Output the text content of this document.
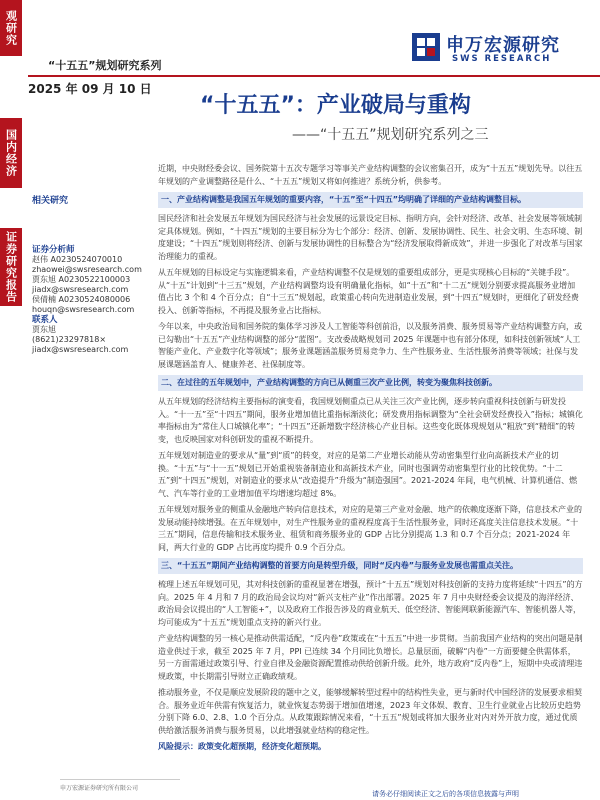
观研究
国内经济
证券研究报告
“十五五”规划研究系列
2025 年 09 月 10 日
申万宏源研究
SWS RESEARCH
“十五五”：产业破局与重构
——“十五五”规划研究系列之三
相关研究
证券分析师
赵伟 A0230524070010
zhaowei@swsresearch.com
贾东旭 A0230522100003
jiadx@swsresearch.com
侯倩楠 A0230524080006
houqn@swsresearch.com
联系人
贾东旭
(8621)23297818×
jiadx@swsresearch.com

近期，中央财经委会议、国务院第十五次专题学习等事关产业结构调整的会议密集召开，成为“十五五”规划先导。以往五年规划的产业调整路径是什么、“十五五”规划又将如何推进？系统分析，供参考。

一、产业结构调整是我国五年规划的重要内容，“十五”至“十四五”均明确了详细的产业结构调整目标。

国民经济和社会发展五年规划为国民经济与社会发展的远景设定目标、指明方向，会针对经济、改革、社会发展等领域制定具体规划。例如，“十四五”规划的主要目标分为七个部分：经济、创新、发展协调性、民生、社会文明、生态环境、制度建设；“十四五”规划则将经济、创新与发展协调性的目标整合为“经济发展取得新成效”，并进一步强化了对改革与国家治理能力的重视。

从五年规划的目标设定与实施逻辑来看，产业结构调整不仅是规划的重要组成部分，更是实现核心目标的“关键手段”。从“十五”计划到“十三五”规划，产业结构调整均设有明确量化指标，如“十五”和“十二五”规划分别要求提高服务业增加值占比 3 个和 4 个百分点；自“十三五”规划起，政策重心转向先进制造业发展，到“十四五”规划时，更细化了研发经费投入、创新等指标，不再提及服务业占比指标。

今年以来，中央政治局和国务院的集体学习涉及人工智能等科创前沿，以及服务消费、服务贸易等产业结构调整方向，或已勾勒出“十五五”产业结构调整的部分“蓝图”。支改委战略规划司 2025 年课题中也有部分体现，如科技创新领域“人工智能产业化、产业数字化等领域”；服务业课题涵盖服务贸易竞争力、生产性服务业、生活性服务消费等领域；社保与发展课题涵盖育人、健康养老、社保制度等。

二、在过往的五年规划中，产业结构调整的方向已从侧重三次产业比例，转变为聚焦科技创新。

从五年规划的经济结构主要指标的演变看，我国规划侧重点已从关注三次产业比例，逐步转向重视科技创新与研发投入。“十一五”至“十四五”期间，服务业增加值比重指标渐淡化；研发费用指标调整为“全社会研发经费投入”指标；城镇化率指标由为“常住人口城镇化率”；“十四五”还新增数字经济核心产业目标。这些变化既体现规划从“粗放”到“精细”的转变，也反映国家对科创研发的重视不断提升。

五年规划对制造业的要求从“量”到“质”的转变，对应的是第二产业增长动能从劳动密集型行业向高新技术产业的切换。“十五”与“十一五”规划已开始重视装备制造业和高新技术产业，同时也强调劳动密集型行业的比较优势。“十二五”到“十四五”规划，对制造业的要求从“改造提升”升级为“制造强国”。2021-2024 年间，电气机械、计算机通信、燃气、汽车等行业的工业增加值平均增速均超过 8%。

五年规划对服务业的侧重从金融地产转向信息技术，对应的是第三产业对金融、地产的依赖度逐渐下降，信息技术产业的发展动能持续增强。在五年规划中，对生产性服务业的重视程度高于生活性服务业，同时还高度关注信息技术发展。“十三五”期间，信息传输和技术服务业、租赁和商务服务业的 GDP 占比分别提高 1.3 和 0.7 个百分点；2021-2024 年间，两大行业的 GDP 占比再度均提升 0.9 个百分点。

三、“十五五”期间产业结构调整的首要方向是转型升级，同时“反内卷”与服务业发展也需重点关注。

梳理上述五年规划可见，其对科技创新的重视显著在增强，预计“十五五”规划对科技创新的支持力度将延续“十四五”的方向。2025 年 4 月和 7 月的政治局会议均对“新兴支柱产业”作出部署。2025 年 7 月中央财经委会议提及的海洋经济、政治局会议提出的“人工智能+”，以及政府工作报告涉及的商业航天、低空经济、智能网联新能源汽车、智能机器人等，均可能成为“十五五”规划重点支持的新兴行业。

产业结构调整的另一核心是推动供需适配，“反内卷”政策或在“十五五”中进一步贯彻。当前我国产业结构的突出问题是制造业供过于求，截至 2025 年 7 月，PPI 已连续 34 个月同比负增长。总量层面，破解“内卷”一方面要健全供需体系，另一方面需通过政策引导、行业自律及金融资源配置推动供给创新升级。此外，地方政府“反内卷”上，短期中央或清理违规政策，中长期需引导财立正确政绩观。

推动服务业，不仅是顺应发展阶段的题中之义，能够缓解转型过程中的结构性失业，更与新时代中国经济的发展要求相契合。服务业近年供需有恢复活力，就业恢复态势弱于增加值增速，2023 年文体娱、教育、卫生行业就业占比较历史趋势分别下降 6.0、2.8、1.0 个百分点。从政策跟踪情况来看，“十五五”规划或将加大服务业对内对外开放力度，通过优质供给激活服务消费与服务贸易，以此增强就业结构的稳定性。

风险提示：政策变化超预期，经济变化超预期。

申万宏源证券研究所有限公司
请务必仔细阅读正文之后的各项信息披露与声明
